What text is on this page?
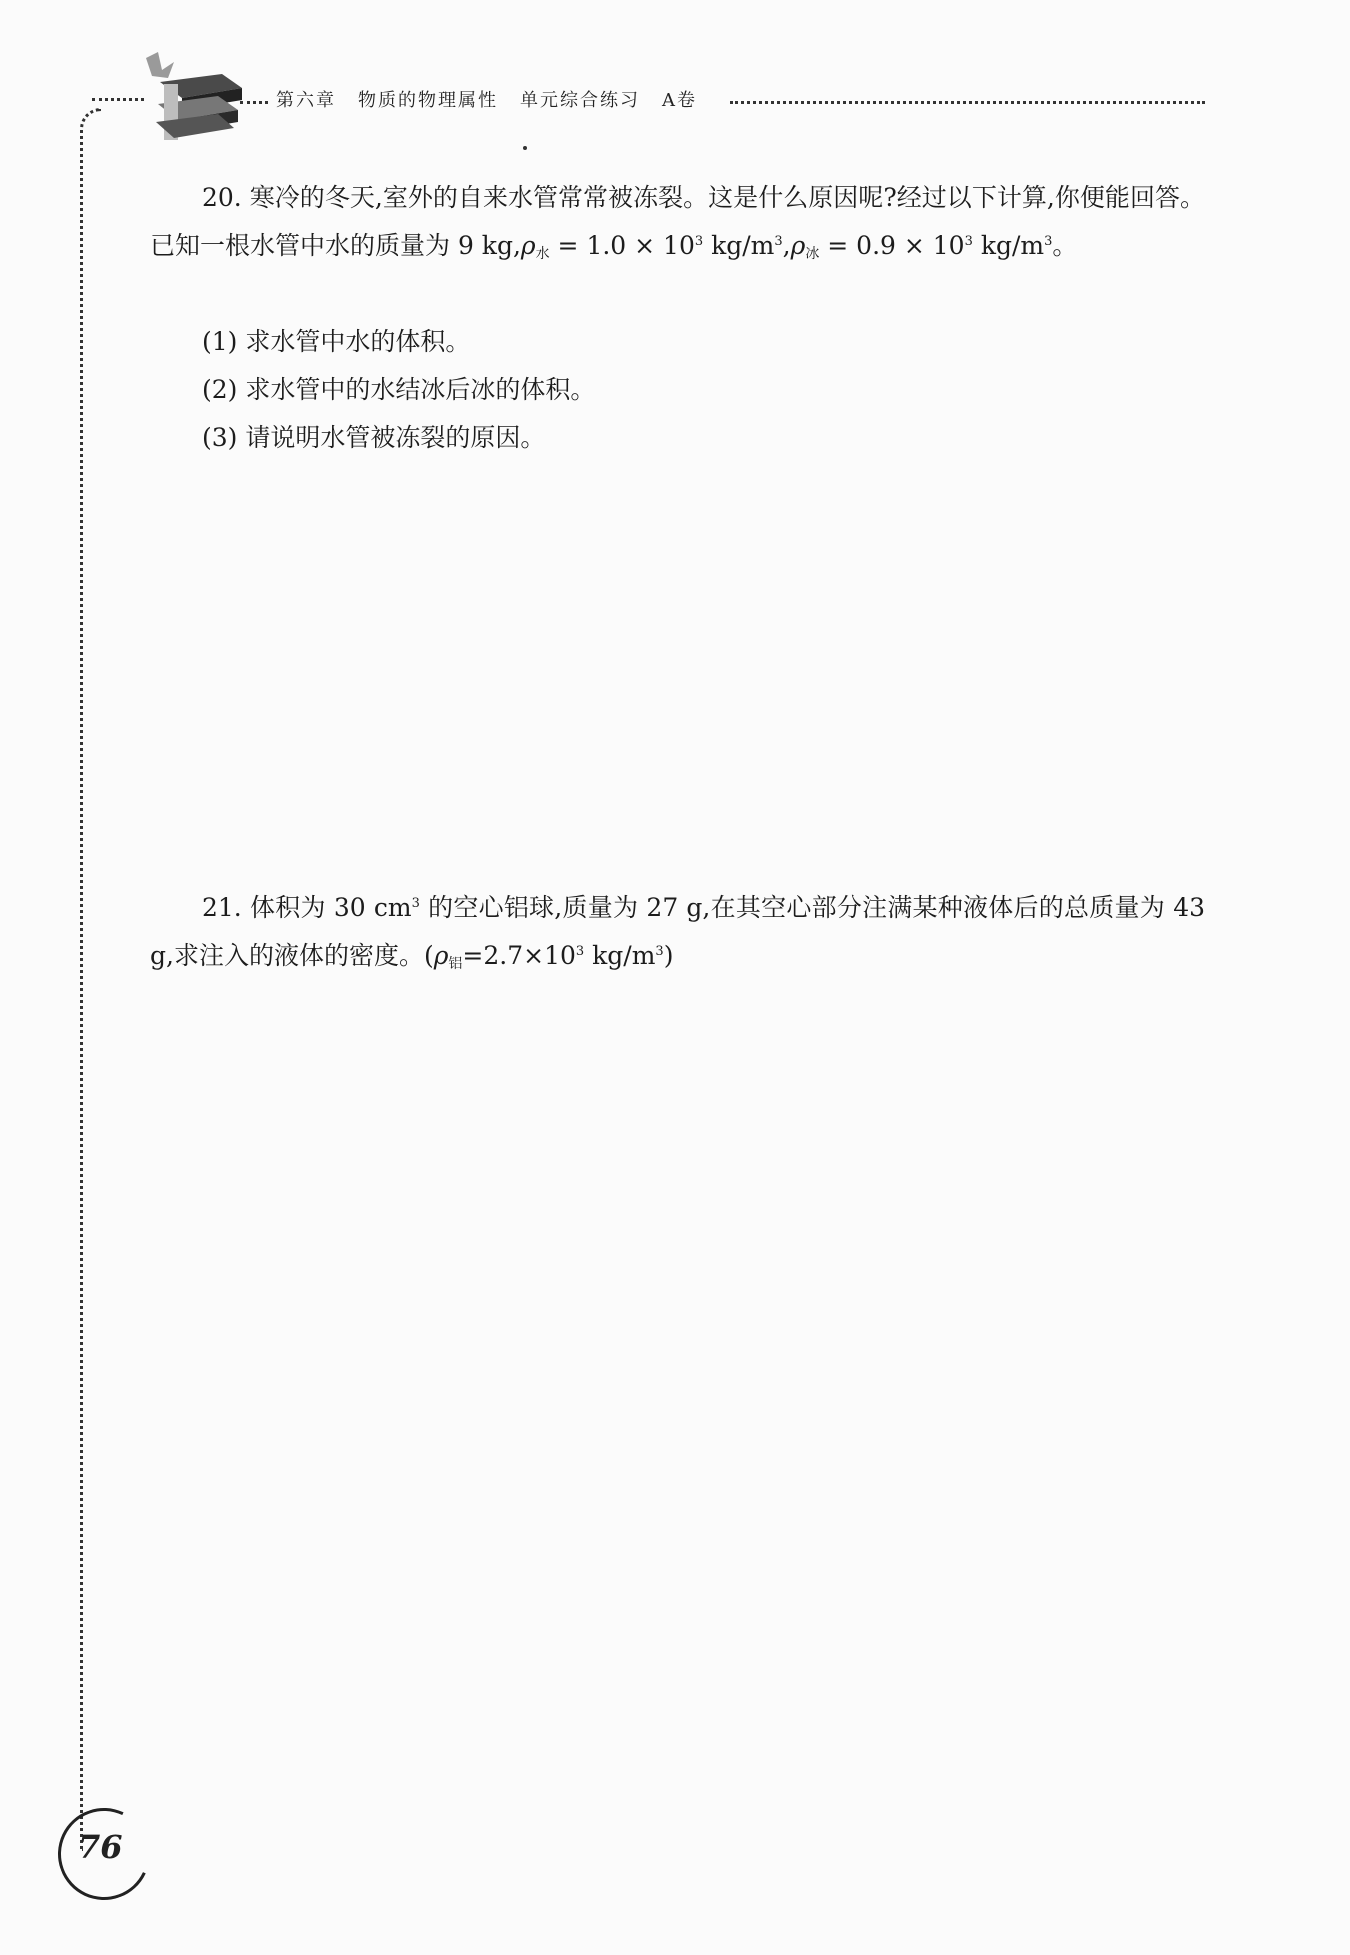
第六章 物质的物理属性 单元综合练习 A卷
20. 寒冷的冬天,室外的自来水管常常被冻裂。这是什么原因呢?经过以下计算,你便能回答。已知一根水管中水的质量为 9 kg,ρ水 = $1.0 \times 10^3$ $kg/m^3,\rho$冰 = $0.9 \times 10^3$ $kg/m^3$。
(1) 求水管中水的体积。
(2) 求水管中的水结冰后冰的体积。
(3) 请说明水管被冻裂的原因。
21. 体积为 30 $cm^3$ 的空心铝球,质量为 27 g,在其空心部分注满某种液体后的总质量为 43 g,求注入的液体的密度。(ρ铝$=2.7\times 10^3$ $kg/m^3$)
76
